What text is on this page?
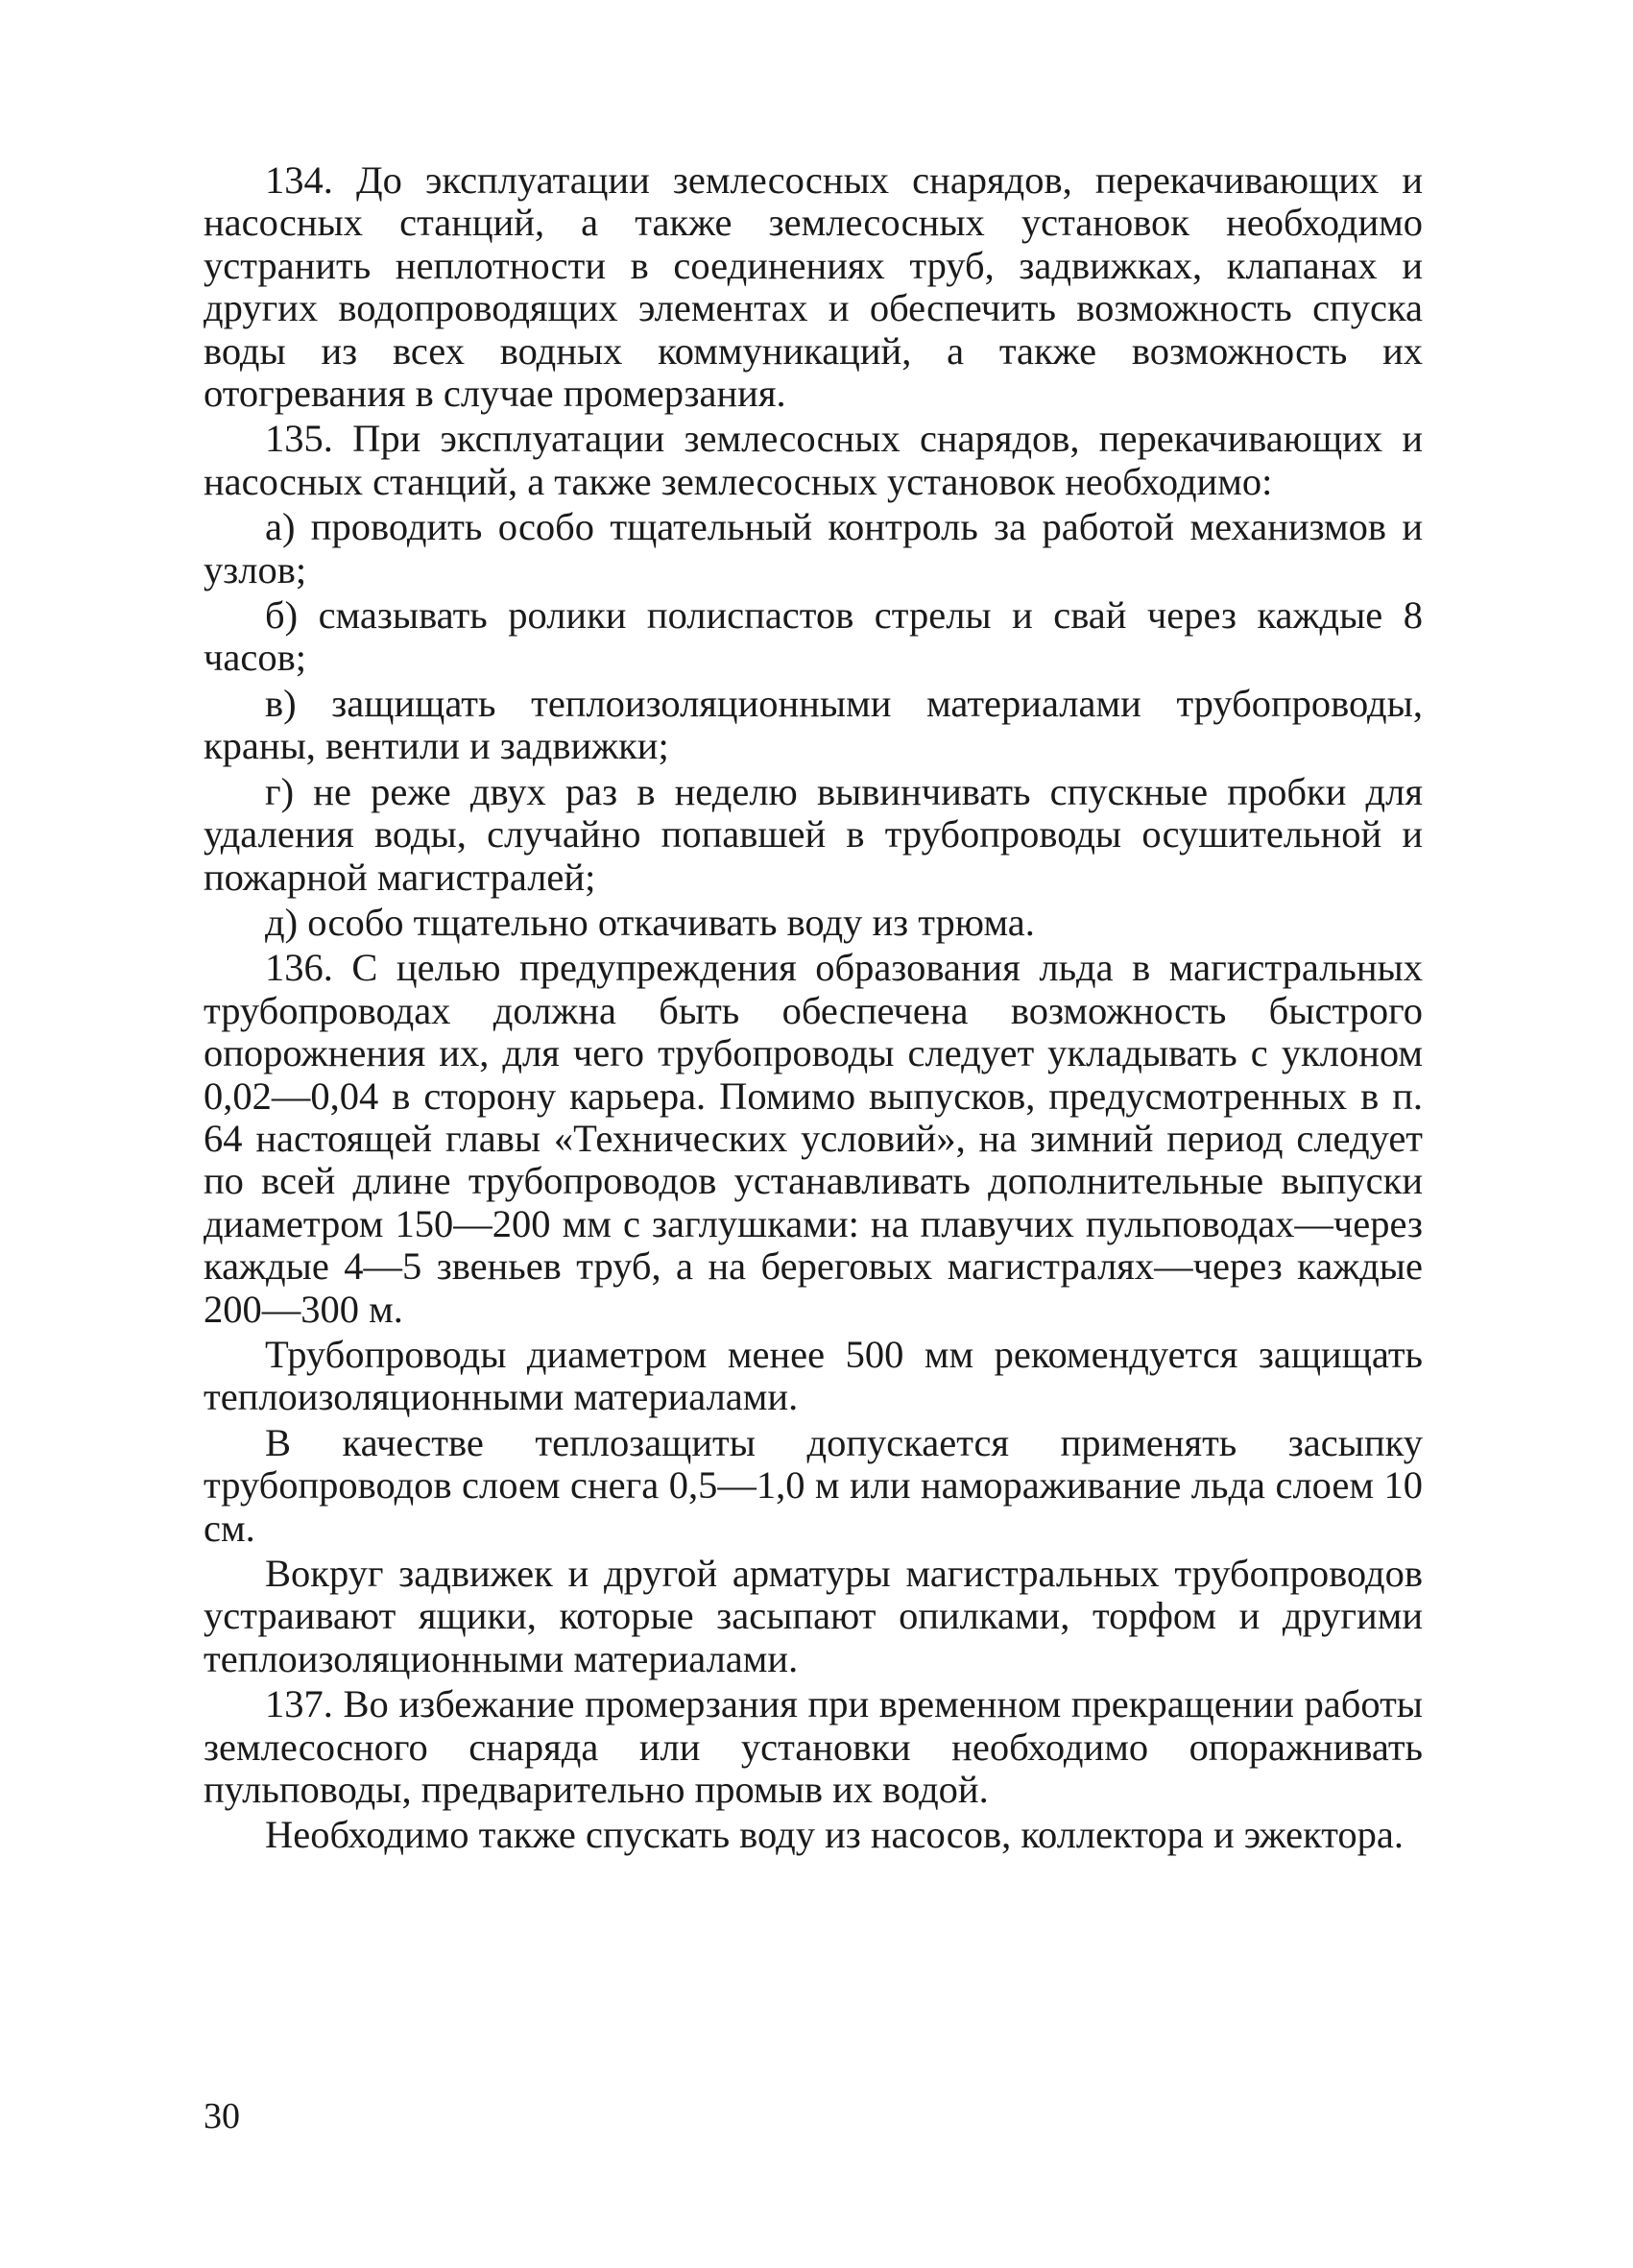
134. До эксплуатации землесосных снарядов, перекачивающих и насосных станций, а также землесосных установок необходимо устранить неплотности в соединениях труб, задвижках, клапанах и других водопроводящих элементах и обеспечить возможность спуска воды из всех водных коммуникаций, а также возможность их отогревания в случае промерзания.

135. При эксплуатации землесосных снарядов, перекачивающих и насосных станций, а также землесосных установок необходимо:

а) проводить особо тщательный контроль за работой механизмов и узлов;

б) смазывать ролики полиспастов стрелы и свай через каждые 8 часов;

в) защищать теплоизоляционными материалами трубопроводы, краны, вентили и задвижки;

г) не реже двух раз в неделю вывинчивать спускные пробки для удаления воды, случайно попавшей в трубопроводы осушительной и пожарной магистралей;

д) особо тщательно откачивать воду из трюма.

136. С целью предупреждения образования льда в магистральных трубопроводах должна быть обеспечена возможность быстрого опорожнения их, для чего трубопроводы следует укладывать с уклоном 0,02—0,04 в сторону карьера. Помимо выпусков, предусмотренных в п. 64 настоящей главы «Технических условий», на зимний период следует по всей длине трубопроводов устанавливать дополнительные выпуски диаметром 150—200 мм с заглушками: на плавучих пульповодах—через каждые 4—5 звеньев труб, а на береговых магистралях—через каждые 200—300 м.

Трубопроводы диаметром менее 500 мм рекомендуется защищать теплоизоляционными материалами.

В качестве теплозащиты допускается применять засыпку трубопроводов слоем снега 0,5—1,0 м или намораживание льда слоем 10 см.

Вокруг задвижек и другой арматуры магистральных трубопроводов устраивают ящики, которые засыпают опилками, торфом и другими теплоизоляционными материалами.

137. Во избежание промерзания при временном прекращении работы землесосного снаряда или установки необходимо опоражнивать пульповоды, предварительно промыв их водой.

Необходимо также спускать воду из насосов, коллектора и эжектора.

30
